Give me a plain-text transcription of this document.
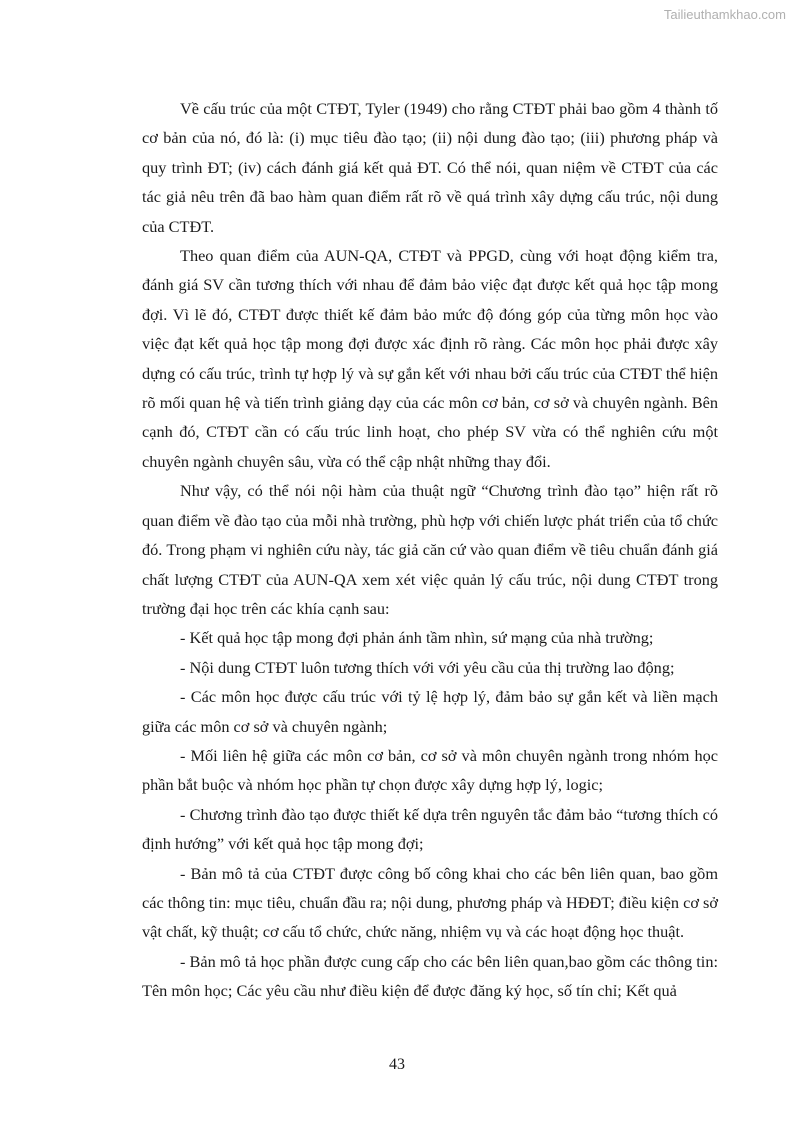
Tailieuthamkhao.com

Về cấu trúc của một CTĐT, Tyler (1949) cho rằng CTĐT phải bao gồm 4 thành tố cơ bản của nó, đó là: (i) mục tiêu đào tạo; (ii) nội dung đào tạo; (iii) phương pháp và quy trình ĐT; (iv) cách đánh giá kết quả ĐT. Có thể nói, quan niệm về CTĐT của các tác giả nêu trên đã bao hàm quan điểm rất rõ về quá trình xây dựng cấu trúc, nội dung của CTĐT.

Theo quan điểm của AUN-QA, CTĐT và PPGD, cùng với hoạt động kiểm tra, đánh giá SV cần tương thích với nhau để đảm bảo việc đạt được kết quả học tập mong đợi. Vì lẽ đó, CTĐT được thiết kế đảm bảo mức độ đóng góp của từng môn học vào việc đạt kết quả học tập mong đợi được xác định rõ ràng. Các môn học phải được xây dựng có cấu trúc, trình tự hợp lý và sự gắn kết với nhau bởi cấu trúc của CTĐT thể hiện rõ mối quan hệ và tiến trình giảng dạy của các môn cơ bản, cơ sở và chuyên ngành. Bên cạnh đó, CTĐT cần có cấu trúc linh hoạt, cho phép SV vừa có thể nghiên cứu một chuyên ngành chuyên sâu, vừa có thể cập nhật những thay đổi.

Như vậy, có thể nói nội hàm của thuật ngữ “Chương trình đào tạo” hiện rất rõ quan điểm về đào tạo của mỗi nhà trường, phù hợp với chiến lược phát triển của tổ chức đó. Trong phạm vi nghiên cứu này, tác giả căn cứ vào quan điểm về tiêu chuẩn đánh giá chất lượng CTĐT của AUN-QA xem xét việc quản lý cấu trúc, nội dung CTĐT trong trường đại học trên các khía cạnh sau:

- Kết quả học tập mong đợi phản ánh tầm nhìn, sứ mạng của nhà trường;

- Nội dung CTĐT luôn tương thích với với yêu cầu của thị trường lao động;

- Các môn học được cấu trúc với tỷ lệ hợp lý, đảm bảo sự gắn kết và liền mạch giữa các môn cơ sở và chuyên ngành;

- Mối liên hệ giữa các môn cơ bản, cơ sở và môn chuyên ngành trong nhóm học phần bắt buộc và nhóm học phần tự chọn được xây dựng hợp lý, logic;

- Chương trình đào tạo được thiết kế dựa trên nguyên tắc đảm bảo “tương thích có định hướng” với kết quả học tập mong đợi;

- Bản mô tả của CTĐT được công bố công khai cho các bên liên quan, bao gồm các thông tin: mục tiêu, chuẩn đầu ra; nội dung, phương pháp và HĐĐT; điều kiện cơ sở vật chất, kỹ thuật; cơ cấu tổ chức, chức năng, nhiệm vụ và các hoạt động học thuật.

- Bản mô tả học phần được cung cấp cho các bên liên quan,bao gồm các thông tin: Tên môn học; Các yêu cầu như điều kiện để được đăng ký học, số tín chỉ; Kết quả

43
